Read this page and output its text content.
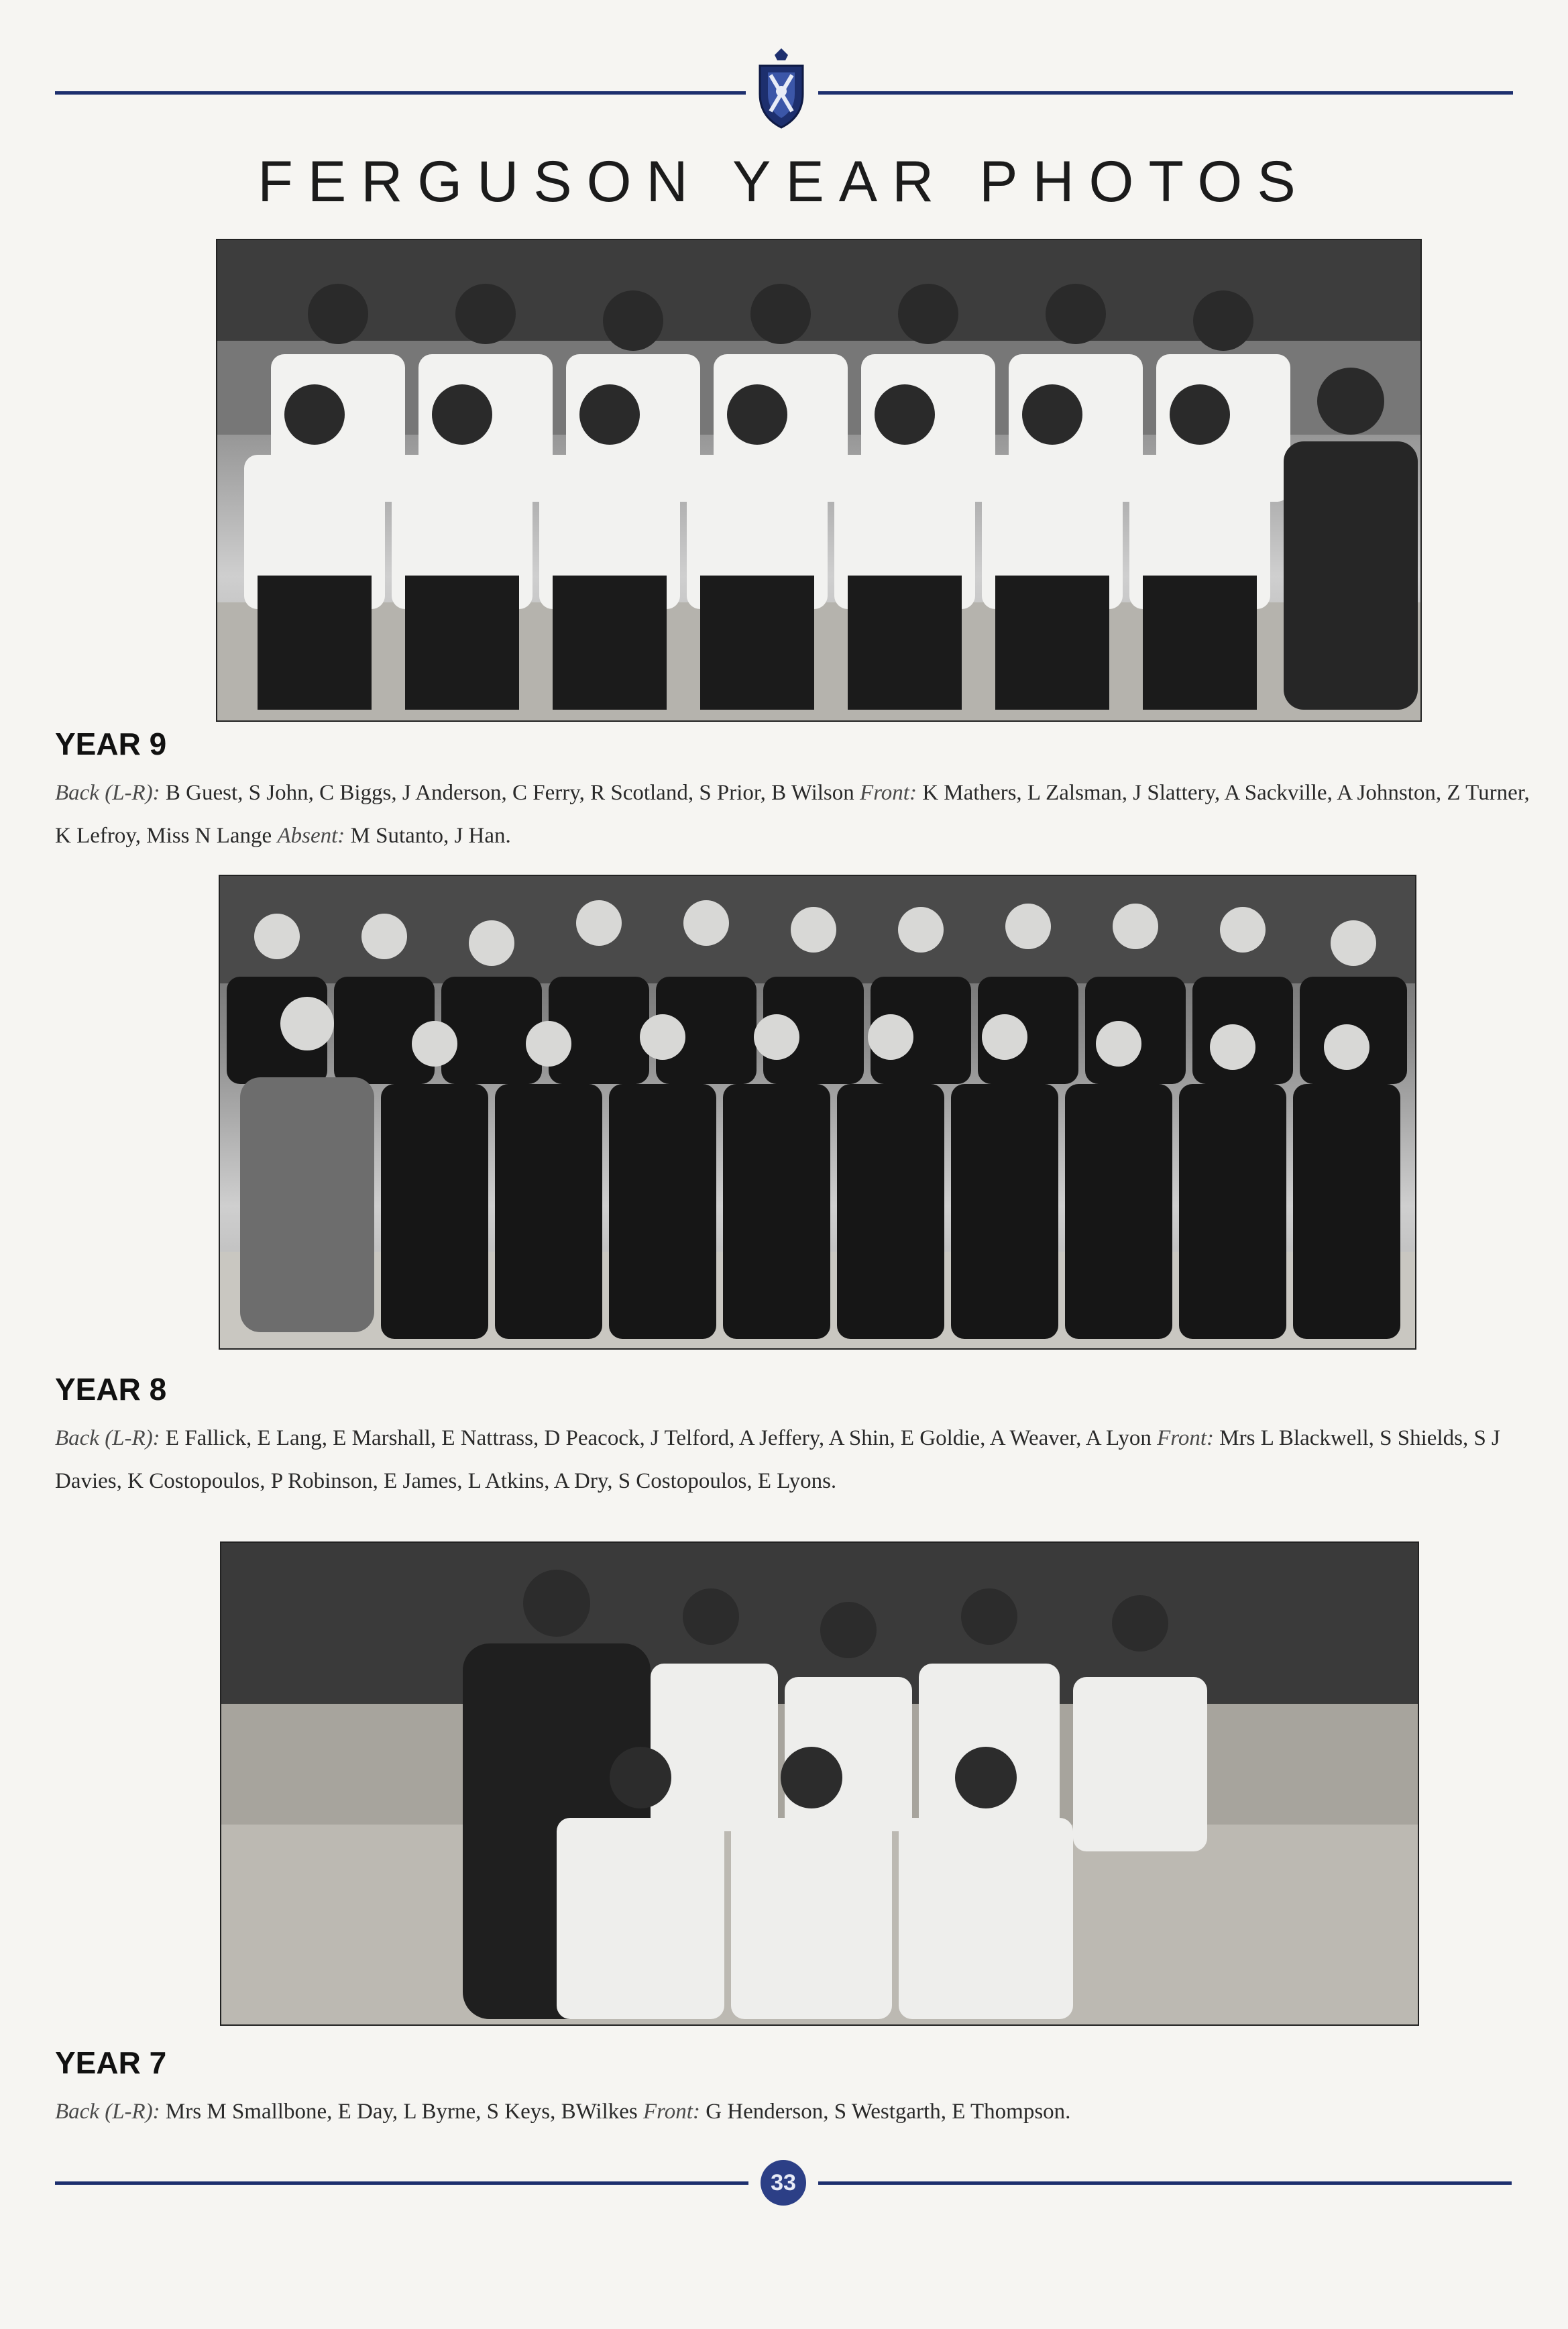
FERGUSON YEAR PHOTOS
YEAR 9
Back (L-R): B Guest, S John, C Biggs, J Anderson, C Ferry, R Scotland, S Prior, B Wilson Front: K Mathers, L Zalsman, J Slattery, A Sackville, A Johnston, Z Turner, K Lefroy, Miss N Lange Absent: M Sutanto, J Han.
YEAR 8
Back (L-R): E Fallick, E Lang, E Marshall, E Nattrass, D Peacock, J Telford, A Jeffery, A Shin, E Goldie, A Weaver, A Lyon Front: Mrs L Blackwell, S Shields, S J Davies, K Costopoulos, P Robinson, E James, L Atkins, A Dry, S Costopoulos, E Lyons.
YEAR 7
Back (L-R): Mrs M Smallbone, E Day, L Byrne, S Keys, BWilkes Front: G Henderson, S Westgarth, E Thompson.
33
